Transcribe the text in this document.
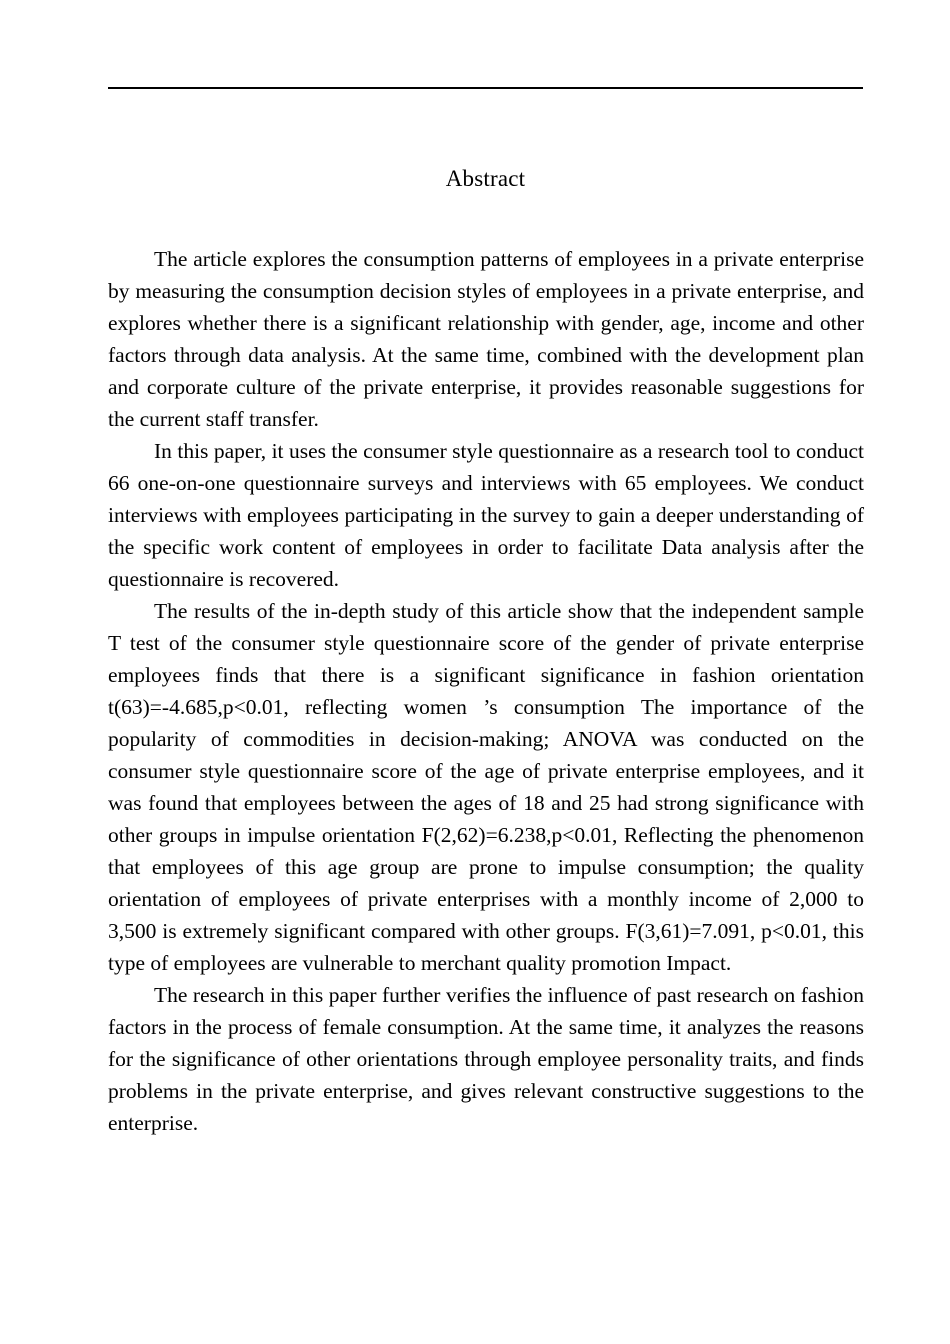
Abstract

The article explores the consumption patterns of employees in a private enterprise by measuring the consumption decision styles of employees in a private enterprise, and explores whether there is a significant relationship with gender, age, income and other factors through data analysis. At the same time, combined with the development plan and corporate culture of the private enterprise, it provides reasonable suggestions for the current staff transfer.

In this paper, it uses the consumer style questionnaire as a research tool to conduct 66 one-on-one questionnaire surveys and interviews with 65 employees. We conduct interviews with employees participating in the survey to gain a deeper understanding of the specific work content of employees in order to facilitate Data analysis after the questionnaire is recovered.

The results of the in-depth study of this article show that the independent sample T test of the consumer style questionnaire score of the gender of private enterprise employees finds that there is a significant significance in fashion orientation t(63)=-4.685,p<0.01, reflecting women ’s consumption The importance of the popularity of commodities in decision-making; ANOVA was conducted on the consumer style questionnaire score of the age of private enterprise employees, and it was found that employees between the ages of 18 and 25 had strong significance with other groups in impulse orientation F(2,62)=6.238,p<0.01, Reflecting the phenomenon that employees of this age group are prone to impulse consumption; the quality orientation of employees of private enterprises with a monthly income of 2,000 to 3,500 is extremely significant compared with other groups. F(3,61)=7.091, p<0.01, this type of employees are vulnerable to merchant quality promotion Impact.

The research in this paper further verifies the influence of past research on fashion factors in the process of female consumption. At the same time, it analyzes the reasons for the significance of other orientations through employee personality traits, and finds problems in the private enterprise, and gives relevant constructive suggestions to the enterprise.
